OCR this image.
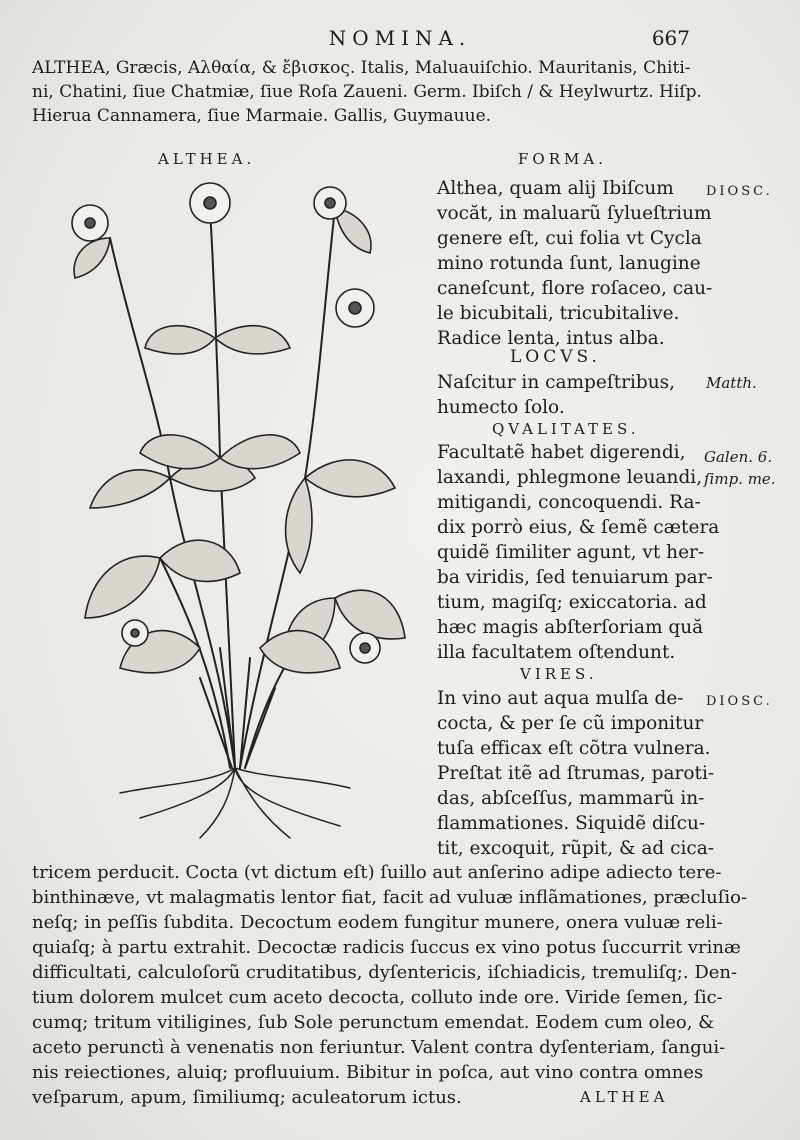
NOMINA.	667
ALTHEA, Græcis, Αλθαία, & ἔβισκος. Italis, Maluauiſchio. Mauritanis, Chiti-
ni, Chatini, ſiue Chatmiæ, ſiue Roſa Zaueni. Germ. Ibiſch / & Heylwurtz. Hiſp.
Hierua Cannamera, ſiue Marmaie. Gallis, Guymauue.
ALTHEA.	FORMA.
Althea, quam alij Ibiſcum
vocăt, in maluarũ ſylueſtrium
genere eſt, cui folia vt Cycla
mino rotunda ſunt, lanugine
caneſcunt, flore roſaceo, cau-
le bicubitali, tricubitalive.
Radice lenta, intus alba.
LOCVS.
Naſcitur in campeſtribus,
humecto ſolo.
QVALITATES.
Facultatẽ habet digerendi,
laxandi, phlegmone leuandi,
mitigandi, concoquendi. Ra-
dix porrò eius, & ſemẽ cætera
quidẽ ſimiliter agunt, vt her-
ba viridis, ſed tenuiarum par-
tium, magiſq; exiccatoria. ad
hæc magis abſterſoriam quă
illa facultatem oſtendunt.
VIRES.
In vino aut aqua mulſa de-
cocta, & per ſe cũ imponitur
tuſa efficax eſt cõtra vulnera.
Preſtat itẽ ad ſtrumas, paroti-
das, abſceſſus, mammarũ in-
flammationes. Siquidẽ diſcu-
tit, excoquit, rũpit, & ad cica-
tricem perducit. Cocta (vt dictum eſt) ſuillo aut anſerino adipe adiecto tere-
binthinæve, vt malagmatis lentor fiat, facit ad vuluæ inflãmationes, præcluſio-
neſq; in peſſis ſubdita. Decoctum eodem fungitur munere, onera vuluæ reli-
quiaſq; à partu extrahit. Decoctæ radicis ſuccus ex vino potus ſuccurrit vrinæ
difficultati, calculoſorũ cruditatibus, dyſentericis, iſchiadicis, tremuliſq;. Den-
tium dolorem mulcet cum aceto decocta, colluto inde ore. Viride ſemen, ſic-
cumq; tritum vitiligines, ſub Sole perunctum emendat. Eodem cum oleo, &
aceto perunctì à venenatis non feriuntur. Valent contra dyſenteriam, ſangui-
nis reiectiones, aluiq; profluuium. Bibitur in poſca, aut vino contra omnes
veſparum, apum, ſimiliumq; aculeatorum ictus.
DIOSC.
Matth.
Galen. 6.
ſimp. me.
DIOSC.
ALTHEA
